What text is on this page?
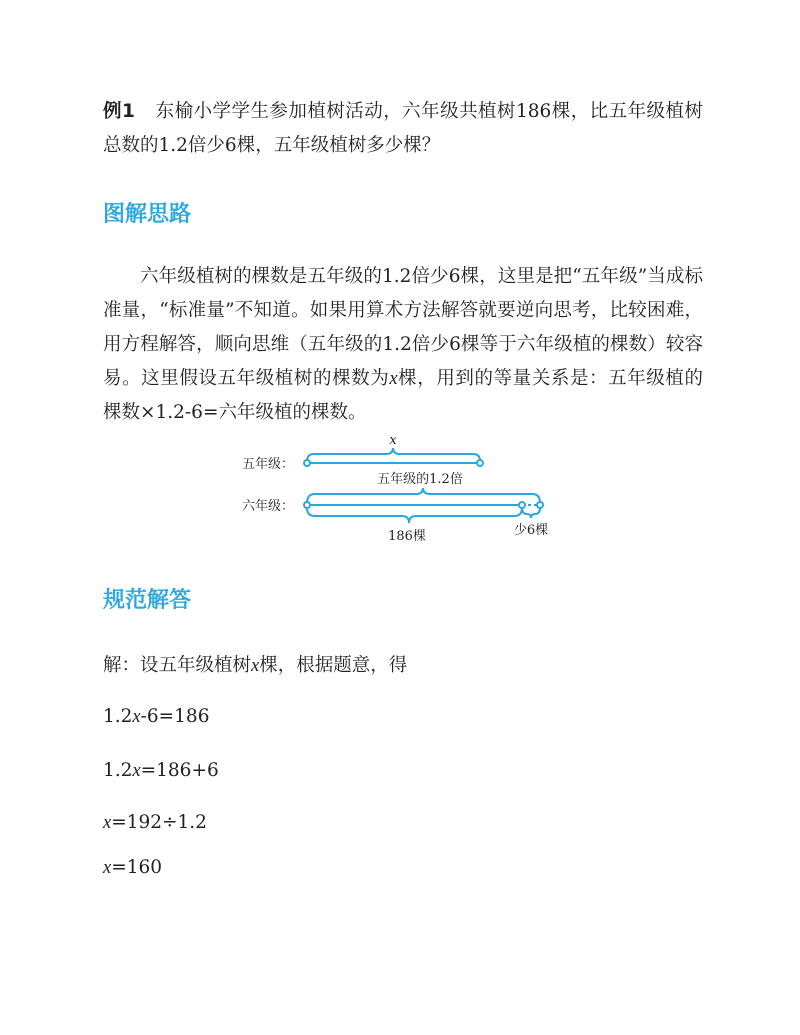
例1 东榆小学学生参加植树活动，六年级共植树186棵，比五年级植树总数的1.2倍少6棵，五年级植树多少棵？

图解思路

六年级植树的棵数是五年级的1.2倍少6棵，这里是把“五年级”当成标准量，“标准量”不知道。如果用算术方法解答就要逆向思考，比较困难，用方程解答，顺向思维（五年级的1.2倍少6棵等于六年级植的棵数）较容易。这里假设五年级植树的棵数为x棵，用到的等量关系是：五年级植的棵数×1.2-6=六年级植的棵数。

五年级：
六年级：
x
五年级的1.2倍
186棵	少6棵
规范解答
解：设五年级植树x棵，根据题意，得
1.2x-6=186
1.2x=186+6
x=192÷1.2
x=160
